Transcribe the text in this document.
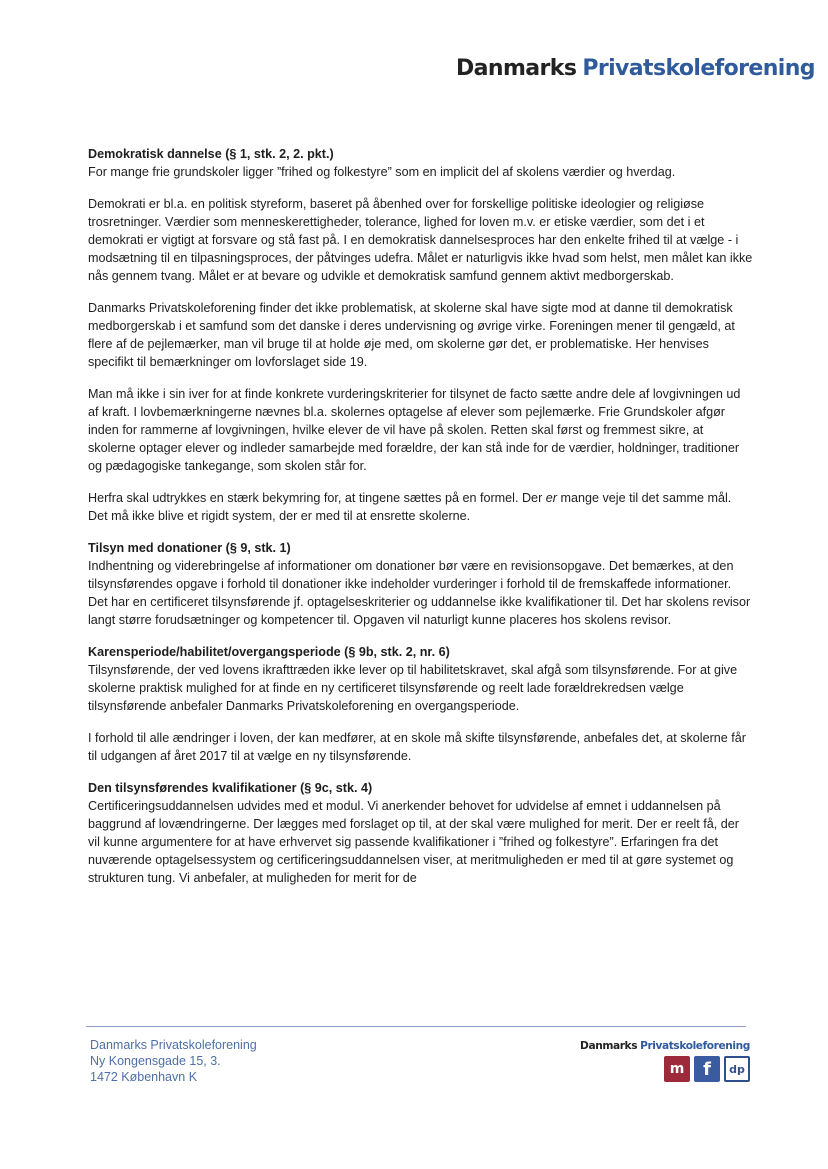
Danmarks Privatskoleforening
Demokratisk dannelse (§ 1, stk. 2, 2. pkt.)

For mange frie grundskoler ligger ”frihed og folkestyre” som en implicit del af skolens værdier og hverdag.

Demokrati er bl.a. en politisk styreform, baseret på åbenhed over for forskellige politiske ideologier og religiøse trosretninger. Værdier som menneskerettigheder, tolerance, lighed for loven m.v. er etiske værdier, som det i et demokrati er vigtigt at forsvare og stå fast på. I en demokratisk dannelsesproces har den enkelte frihed til at vælge - i modsætning til en tilpasningsproces, der påtvinges udefra. Målet er naturligvis ikke hvad som helst, men målet kan ikke nås gennem tvang. Målet er at bevare og udvikle et demokratisk samfund gennem aktivt medborgerskab.

Danmarks Privatskoleforening finder det ikke problematisk, at skolerne skal have sigte mod at danne til demokratisk medborgerskab i et samfund som det danske i deres undervisning og øvrige virke. Foreningen mener til gengæld, at flere af de pejlemærker, man vil bruge til at holde øje med, om skolerne gør det, er problematiske. Her henvises specifikt til bemærkninger om lovforslaget side 19.

Man må ikke i sin iver for at finde konkrete vurderingskriterier for tilsynet de facto sætte andre dele af lovgivningen ud af kraft. I lovbemærkningerne nævnes bl.a. skolernes optagelse af elever som pejlemærke. Frie Grundskoler afgør inden for rammerne af lovgivningen, hvilke elever de vil have på skolen. Retten skal først og fremmest sikre, at skolerne optager elever og indleder samarbejde med forældre, der kan stå inde for de værdier, holdninger, traditioner og pædagogiske tankegange, som skolen står for.

Herfra skal udtrykkes en stærk bekymring for, at tingene sættes på en formel. Der er mange veje til det samme mål. Det må ikke blive et rigidt system, der er med til at ensrette skolerne.

Tilsyn med donationer (§ 9, stk. 1)

Indhentning og viderebringelse af informationer om donationer bør være en revisionsopgave. Det bemærkes, at den tilsynsførendes opgave i forhold til donationer ikke indeholder vurderinger i forhold til de fremskaffede informationer. Det har en certificeret tilsynsførende jf. optagelseskriterier og uddannelse ikke kvalifikationer til. Det har skolens revisor langt større forudsætninger og kompetencer til. Opgaven vil naturligt kunne placeres hos skolens revisor.

Karensperiode/habilitet/overgangsperiode (§ 9b, stk. 2, nr. 6)

Tilsynsførende, der ved lovens ikrafttræden ikke lever op til habilitetskravet, skal afgå som tilsynsførende. For at give skolerne praktisk mulighed for at finde en ny certificeret tilsynsførende og reelt lade forældrekredsen vælge tilsynsførende anbefaler Danmarks Privatskoleforening en overgangsperiode.

I forhold til alle ændringer i loven, der kan medfører, at en skole må skifte tilsynsførende, anbefales det, at skolerne får til udgangen af året 2017 til at vælge en ny tilsynsførende.

Den tilsynsførendes kvalifikationer (§ 9c, stk. 4)

Certificeringsuddannelsen udvides med et modul. Vi anerkender behovet for udvidelse af emnet i uddannelsen på baggrund af lovændringerne. Der lægges med forslaget op til, at der skal være mulighed for merit. Der er reelt få, der vil kunne argumentere for at have erhvervet sig passende kvalifikationer i ”frihed og folkestyre”. Erfaringen fra det nuværende optagelsessystem og certificeringsuddannelsen viser, at meritmuligheden er med til at gøre systemet og strukturen tung. Vi anbefaler, at muligheden for merit for de

Danmarks Privatskoleforening
Ny Kongensgade 15, 3.
1472 København K
Danmarks Privatskoleforening
m	f	dp
